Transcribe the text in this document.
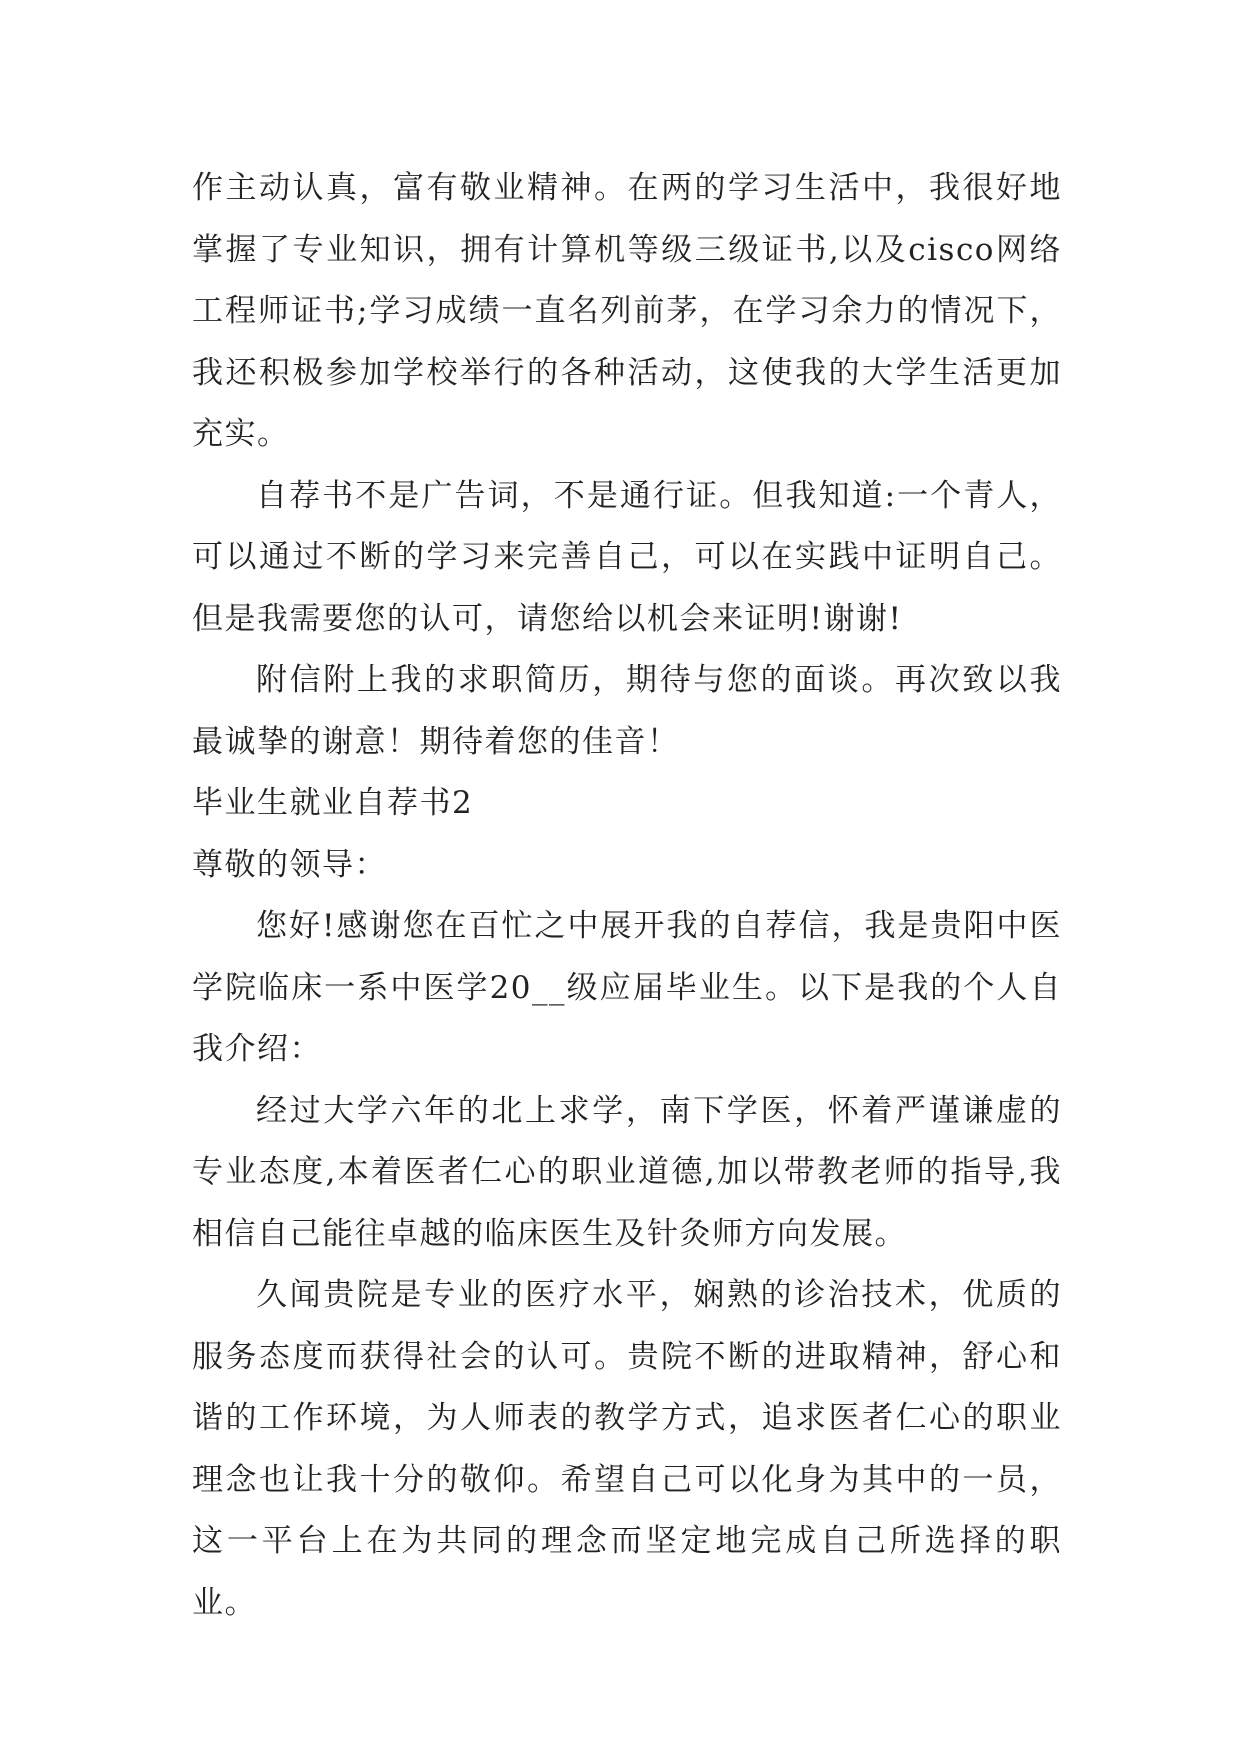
作主动认真，富有敬业精神。在两的学习生活中，我很好地掌握了专业知识，拥有计算机等级三级证书,以及cisco网络工程师证书;学习成绩一直名列前茅，在学习余力的情况下，我还积极参加学校举行的各种活动，这使我的大学生活更加充实。

自荐书不是广告词，不是通行证。但我知道:一个青人，可以通过不断的学习来完善自己，可以在实践中证明自己。但是我需要您的认可，请您给以机会来证明!谢谢!

附信附上我的求职简历，期待与您的面谈。再次致以我最诚挚的谢意！期待着您的佳音！

毕业生就业自荐书2

尊敬的领导：

您好!感谢您在百忙之中展开我的自荐信，我是贵阳中医学院临床一系中医学20__级应届毕业生。以下是我的个人自我介绍：

经过大学六年的北上求学，南下学医，怀着严谨谦虚的专业态度,本着医者仁心的职业道德,加以带教老师的指导,我相信自己能往卓越的临床医生及针灸师方向发展。

久闻贵院是专业的医疗水平，娴熟的诊治技术，优质的服务态度而获得社会的认可。贵院不断的进取精神，舒心和谐的工作环境，为人师表的教学方式，追求医者仁心的职业理念也让我十分的敬仰。希望自己可以化身为其中的一员，这一平台上在为共同的理念而坚定地完成自己所选择的职业。
